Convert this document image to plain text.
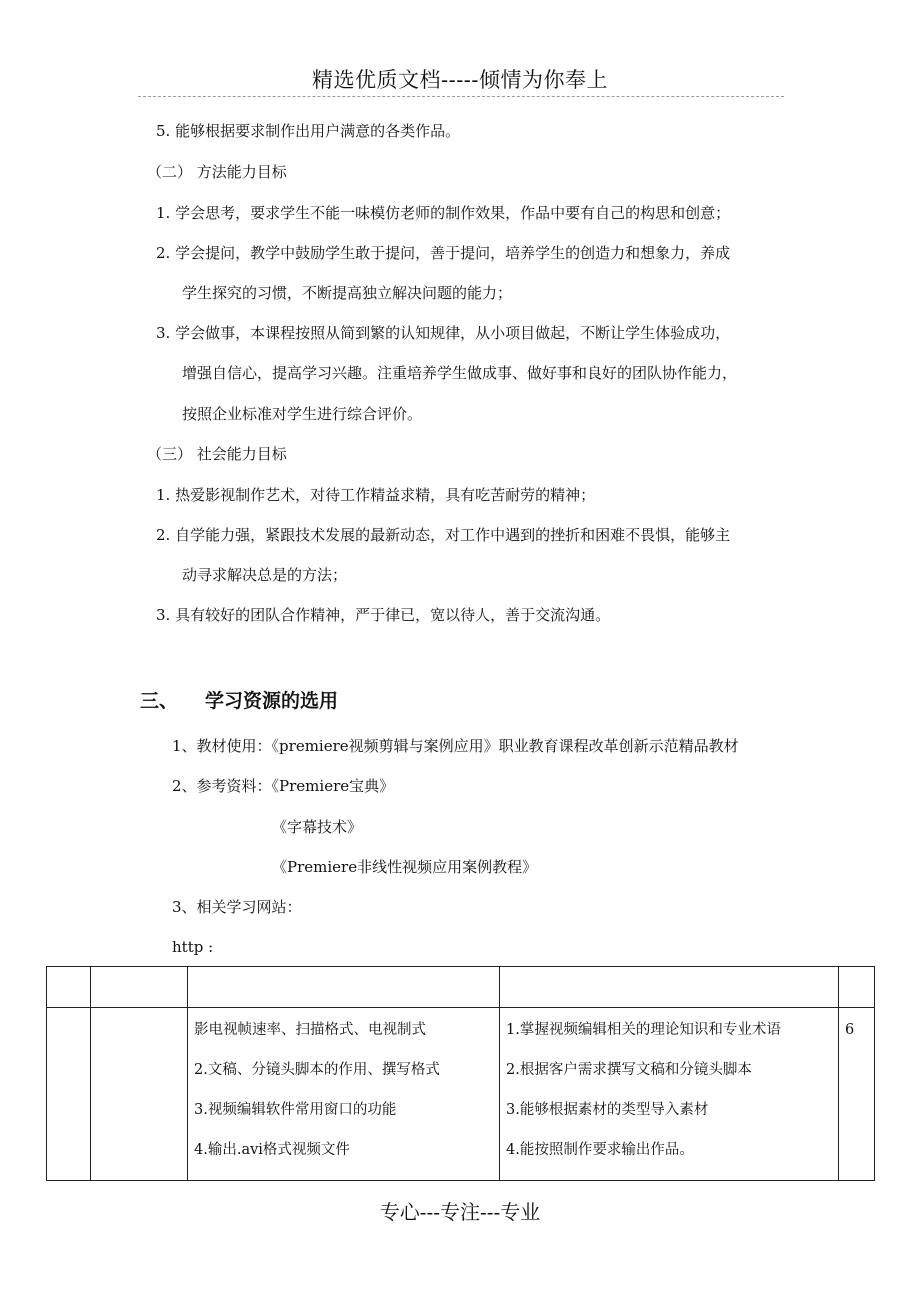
精选优质文档-----倾情为你奉上
5. 能够根据要求制作出用户满意的各类作品。
（二） 方法能力目标
1. 学会思考，要求学生不能一味模仿老师的制作效果，作品中要有自己的构思和创意；
2. 学会提问，教学中鼓励学生敢于提问，善于提问，培养学生的创造力和想象力，养成
学生探究的习惯，不断提高独立解决问题的能力；
3. 学会做事，本课程按照从简到繁的认知规律，从小项目做起，不断让学生体验成功，
增强自信心，提高学习兴趣。注重培养学生做成事、做好事和良好的团队协作能力，
按照企业标准对学生进行综合评价。
（三） 社会能力目标
1. 热爱影视制作艺术，对待工作精益求精，具有吃苦耐劳的精神；
2. 自学能力强，紧跟技术发展的最新动态，对工作中遇到的挫折和困难不畏惧，能够主
动寻求解决总是的方法；
3. 具有较好的团队合作精神，严于律已，宽以待人，善于交流沟通。
三、 学习资源的选用
1、教材使用：《premiere视频剪辑与案例应用》职业教育课程改革创新示范精品教材
2、参考资料：《Premiere宝典》
《字幕技术》
《Premiere非线性视频应用案例教程》
3、相关学习网站：
http :

		影电视帧速率、扫描格式、电视制式
2.文稿、分镜头脚本的作用、撰写格式
3.视频编辑软件常用窗口的功能
4.输出.avi格式视频文件	1.掌握视频编辑相关的理论知识和专业术语
2.根据客户需求撰写文稿和分镜头脚本
3.能够根据素材的类型导入素材
4.能按照制作要求输出作品。	6
专心---专注---专业
